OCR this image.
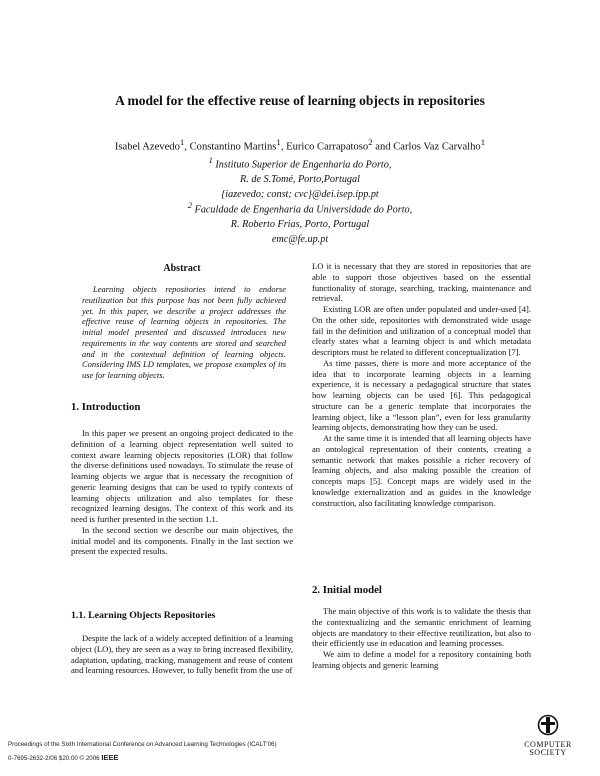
A model for the effective reuse of learning objects in repositories
Isabel Azevedo$^1$, Constantino Martins$^1$, Eurico Carrapatoso$^2$ and Carlos Vaz Carvalho$^1$
$^1$ Instituto Superior de Engenharia do Porto,
R. de S.Tomé, Porto,Portugal
{iazevedo; const; cvc}@dei.isep.ipp.pt
$^2$ Faculdade de Engenharia da Universidade do Porto,
R. Roberto Frias, Porto, Portugal
emc@fe.up.pt
Abstract

Learning objects repositories intend to endorse reutilization but this purpose has not been fully achieved yet. In this paper, we describe a project addresses the effective reuse of learning objects in repositories. The initial model presented and discussed introduces new requirements in the way contents are stored and searched and in the contextual definition of learning objects. Considering IMS LD templates, we propose examples of its use for learning objects.

1. Introduction

In this paper we present an ongoing project dedicated to the definition of a learning object representation well suited to context aware learning objects repositories (LOR) that follow the diverse definitions used nowadays. To stimulate the reuse of learning objects we argue that is necessary the recognition of generic learning designs that can be used to typify contexts of learning objects utilization and also templates for these recognized learning designs. The context of this work and its need is further presented in the section 1.1.

In the second section we describe our main objectives, the initial model and its components. Finally in the last section we present the expected results.

1.1. Learning Objects Repositories

Despite the lack of a widely accepted definition of a learning object (LO), they are seen as a way to bring increased flexibility, adaptation, updating, tracking, management and reuse of content and learning resources. However, to fully benefit from the use of

LO it is necessary that they are stored in repositories that are able to support those objectives based on the essential functionality of storage, searching, tracking, maintenance and retrieval.

Existing LOR are often under populated and under-used [4]. On the other side, repositories with demonstrated wide usage fail in the definition and utilization of a conceptual model that clearly states what a learning object is and which metadata descriptors must be related to different conceptualization [7].

As time passes, there is more and more acceptance of the idea that to incorporate learning objects in a learning experience, it is necessary a pedagogical structure that states how learning objects can be used [6]. This pedagogical structure can be a generic template that incorporates the learning object, like a “lesson plan”, even for less granularity learning objects, demonstrating how they can be used.

At the same time it is intended that all learning objects have an ontological representation of their contents, creating a semantic network that makes possible a richer recovery of learning objects, and also making possible the creation of concepts maps [5]. Concept maps are widely used in the knowledge externalization and as guides in the knowledge construction, also facilitating knowledge comparison.

2. Initial model

The main objective of this work is to validate the thesis that the contextualizing and the semantic enrichment of learning objects are mandatory to their effective reutilization, but also to their efficiently use in education and learning processes.

We aim to define a model for a repository containing both learning objects and generic learning

Proceedings of the Sixth International Conference on Advanced Learning Technologies (ICALT'06)
0-7695-2632-2/06 $20.00 © 2006 IEEE
COMPUTER
SOCIETY
